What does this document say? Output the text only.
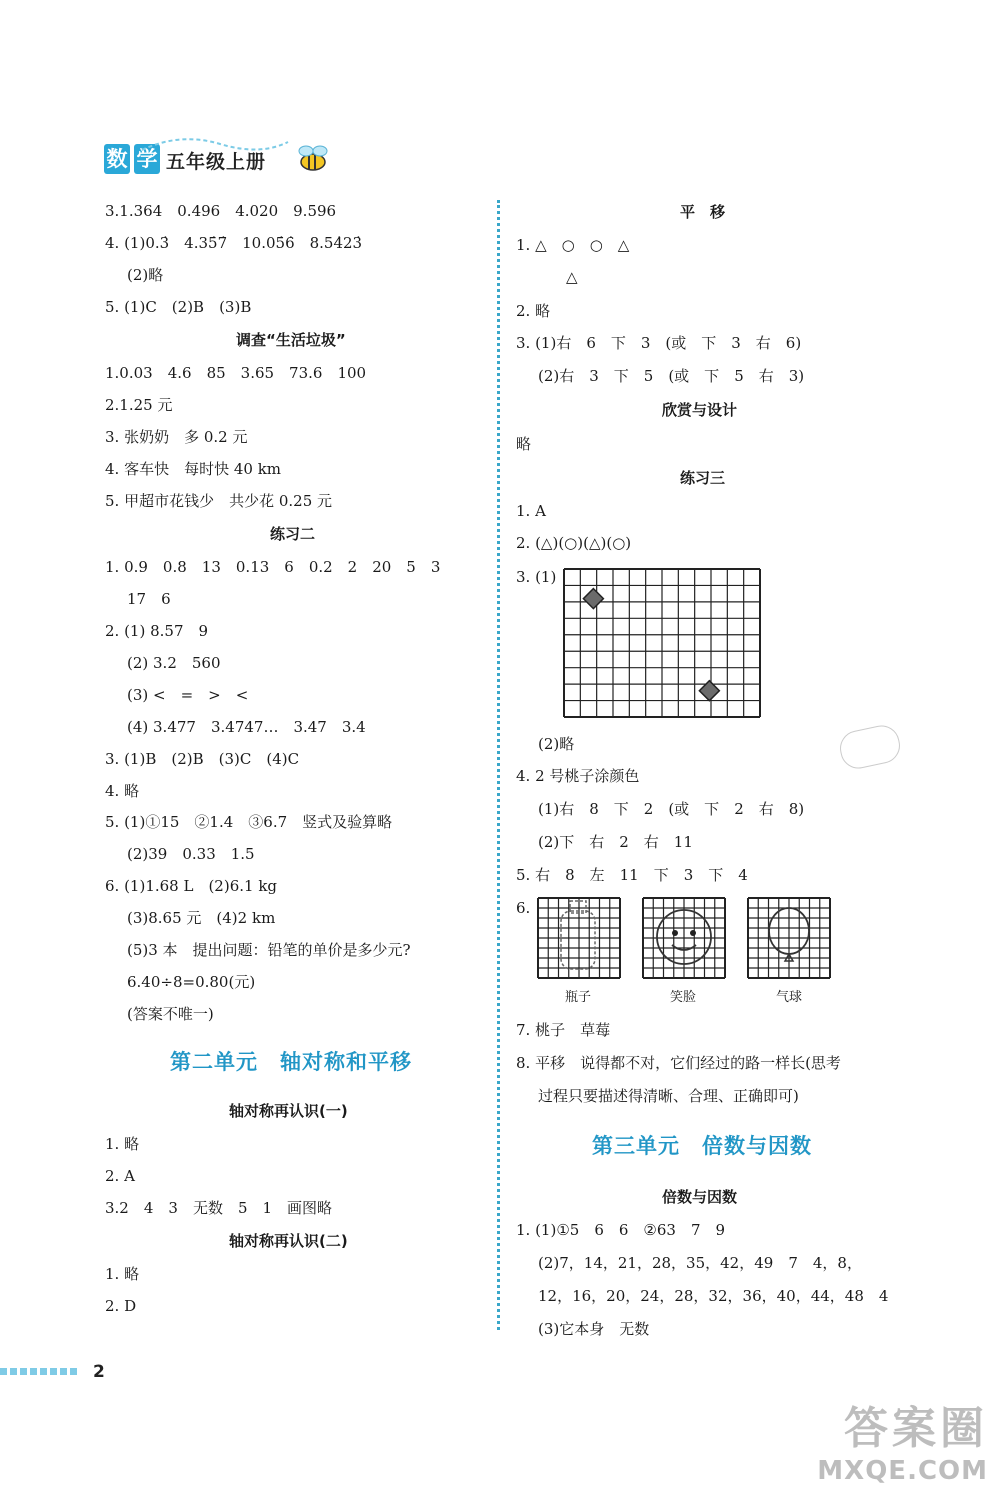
数 学 五年级上册
3.1.364　0.496　4.020　9.596
4. (1)0.3̇　4.35̇7̇　10.05̇6̇　8.54̇23̇
(2)略
5. (1)C　(2)B　(3)B
调查“生活垃圾”
1.0.03　4.6　85　3.65　73.6　100
2.1.25 元
3. 张奶奶　多 0.2 元
4. 客车快　每时快 40 km
5. 甲超市花钱少　共少花 0.25 元
练习二
1. 0.9　0.8　13　0.13　6　0.2　2　20　5　3
17　6
2. (1) 8.57　9
(2) 3.2　560
(3) <　=　>　<
(4) 3.477　3.4747…　3.47　3.4
3. (1)B　(2)B　(3)C　(4)C
4. 略
5. (1)①15　②1.4　③6.7　竖式及验算略
(2)39　0.33　1.5
6. (1)1.68 L　(2)6.1 kg
(3)8.65 元　(4)2 km
(5)3 本　提出问题：铅笔的单价是多少元?
6.40÷8=0.80(元)
(答案不唯一)
第二单元　轴对称和平移
轴对称再认识(一)
1. 略
2. A
3.2　4　3　无数　5　1　画图略
轴对称再认识(二)
1. 略
2. D
平　移
1. △　○　○　△
△
2. 略
3. (1)右　6　下　3　(或　下　3　右　6)
(2)右　3　下　5　(或　下　5　右　3)
欣赏与设计
略
练习三
1. A
2. (△)(○)(△)(○)
3. (1)
(2)略
4. 2 号桃子涂颜色
(1)右　8　下　2　(或　下　2　右　8)
(2)下　右　2　右　11
5. 右　8　左　11　下　3　下　4
6.
瓶子	笑脸	气球
7. 桃子　草莓
8. 平移　说得都不对，它们经过的路一样长(思考
过程只要描述得清晰、合理、正确即可)
第三单元　倍数与因数
倍数与因数
1. (1)①5　6　6　②63　7　9
(2)7，14，21，28，35，42，49　7　4，8，
12，16，20，24，28，32，36，40，44，48　4
(3)它本身　无数
2
答案圈
MXQE.COM
